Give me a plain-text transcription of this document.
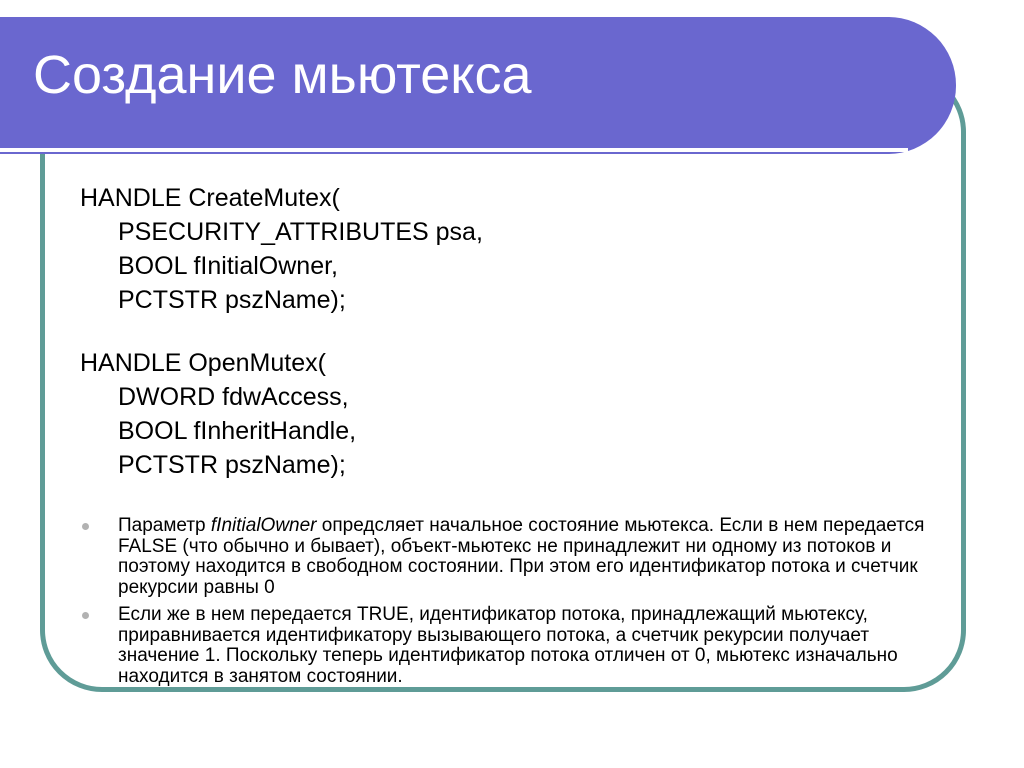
Создание мьютекса
HANDLE CreateMutex(
PSECURITY_ATTRIBUTES psa,
BOOL fInitialOwner,
PCTSTR pszName);
HANDLE OpenMutex(
DWORD fdwAccess,
BOOL fInheritHandle,
PCTSTR pszName);
Параметр fInitialOwner опредсляет начальное состояние мьютекса. Если в нем передается FALSE (что обычно и бывает), объект-мьютекс не принадлежит ни одному из потоков и поэтому находится в свободном состоянии. При этом его идентификатор потока и счетчик рекурсии равны 0
Если же в нем передается TRUE, идентификатор потока, принадлежащий мьютексу, приравнивается идентификатору вызывающего потока, а счетчик рекурсии получает значение 1. Поскольку теперь идентификатор потока отличен от 0, мьютекс изначально находится в занятом состоянии.
